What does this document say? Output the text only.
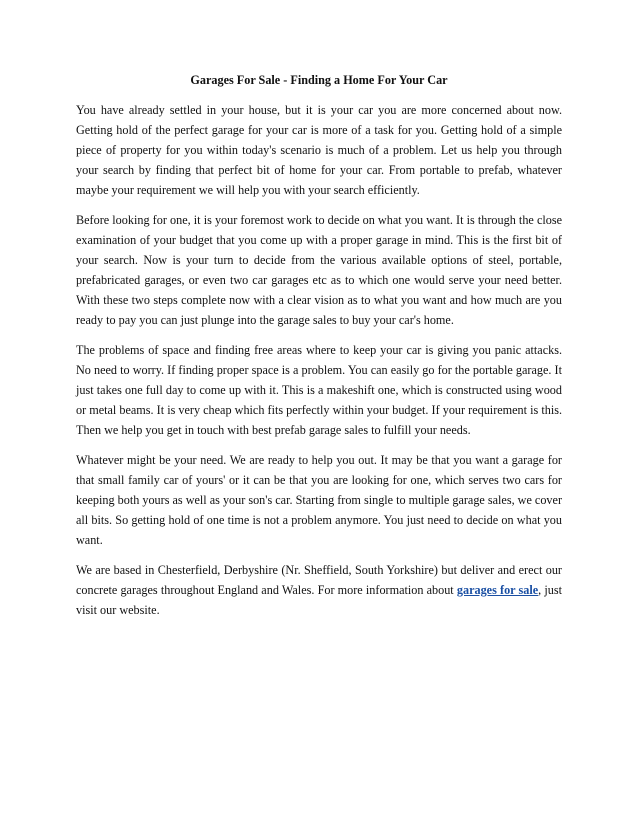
Garages For Sale - Finding a Home For Your Car

You have already settled in your house, but it is your car you are more concerned about now. Getting hold of the perfect garage for your car is more of a task for you. Getting hold of a simple piece of property for you within today's scenario is much of a problem. Let us help you through your search by finding that perfect bit of home for your car. From portable to prefab, whatever maybe your requirement we will help you with your search efficiently.

Before looking for one, it is your foremost work to decide on what you want. It is through the close examination of your budget that you come up with a proper garage in mind. This is the first bit of your search. Now is your turn to decide from the various available options of steel, portable, prefabricated garages, or even two car garages etc as to which one would serve your need better. With these two steps complete now with a clear vision as to what you want and how much are you ready to pay you can just plunge into the garage sales to buy your car's home.

The problems of space and finding free areas where to keep your car is giving you panic attacks. No need to worry. If finding proper space is a problem. You can easily go for the portable garage. It just takes one full day to come up with it. This is a makeshift one, which is constructed using wood or metal beams. It is very cheap which fits perfectly within your budget. If your requirement is this. Then we help you get in touch with best prefab garage sales to fulfill your needs.

Whatever might be your need. We are ready to help you out. It may be that you want a garage for that small family car of yours' or it can be that you are looking for one, which serves two cars for keeping both yours as well as your son's car. Starting from single to multiple garage sales, we cover all bits. So getting hold of one time is not a problem anymore. You just need to decide on what you want.

We are based in Chesterfield, Derbyshire (Nr. Sheffield, South Yorkshire) but deliver and erect our concrete garages throughout England and Wales. For more information about garages for sale, just visit our website.
